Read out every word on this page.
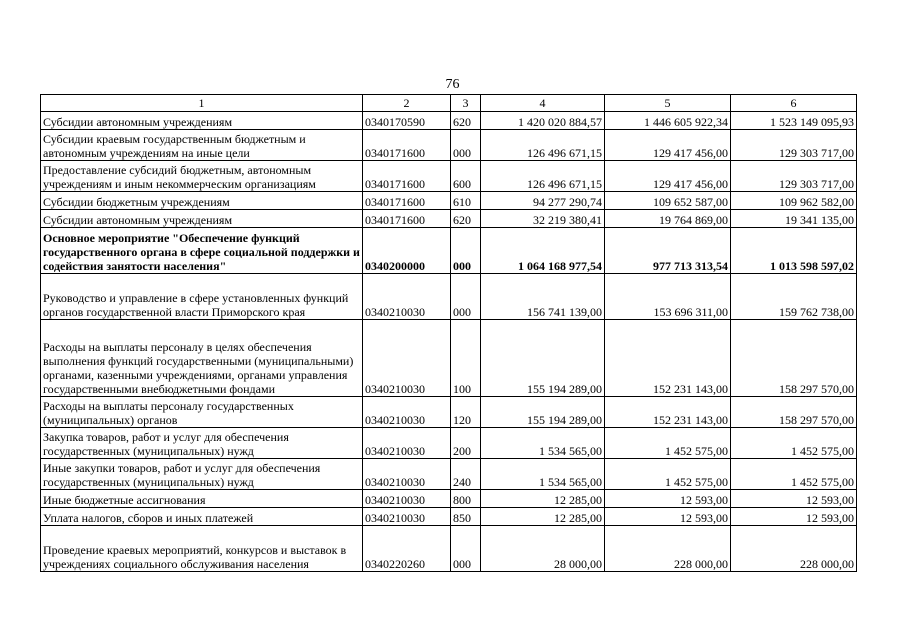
76
1	2	3	4	5	6
Субсидии автономным учреждениям	0340170590	620	1 420 020 884,57	1 446 605 922,34	1 523 149 095,93
Субсидии краевым государственным бюджетным и автономным учреждениям на иные цели	0340171600	000	126 496 671,15	129 417 456,00	129 303 717,00
Предоставление субсидий бюджетным, автономным учреждениям и иным некоммерческим организациям	0340171600	600	126 496 671,15	129 417 456,00	129 303 717,00
Субсидии бюджетным учреждениям	0340171600	610	94 277 290,74	109 652 587,00	109 962 582,00
Субсидии автономным учреждениям	0340171600	620	32 219 380,41	19 764 869,00	19 341 135,00
Основное мероприятие "Обеспечение функций государственного органа в сфере социальной поддержки и содействия занятости населения"	0340200000	000	1 064 168 977,54	977 713 313,54	1 013 598 597,02
Руководство и управление в сфере установленных функций органов государственной власти Приморского края	0340210030	000	156 741 139,00	153 696 311,00	159 762 738,00
Расходы на выплаты персоналу в целях обеспечения выполнения функций государственными (муниципальными) органами, казенными учреждениями, органами управления государственными внебюджетными фондами	0340210030	100	155 194 289,00	152 231 143,00	158 297 570,00
Расходы на выплаты персоналу государственных (муниципальных) органов	0340210030	120	155 194 289,00	152 231 143,00	158 297 570,00
Закупка товаров, работ и услуг для обеспечения государственных (муниципальных) нужд	0340210030	200	1 534 565,00	1 452 575,00	1 452 575,00
Иные закупки товаров, работ и услуг для обеспечения государственных (муниципальных) нужд	0340210030	240	1 534 565,00	1 452 575,00	1 452 575,00
Иные бюджетные ассигнования	0340210030	800	12 285,00	12 593,00	12 593,00
Уплата налогов, сборов и иных платежей	0340210030	850	12 285,00	12 593,00	12 593,00
Проведение краевых мероприятий, конкурсов и выставок в учреждениях социального обслуживания населения	0340220260	000	28 000,00	228 000,00	228 000,00
